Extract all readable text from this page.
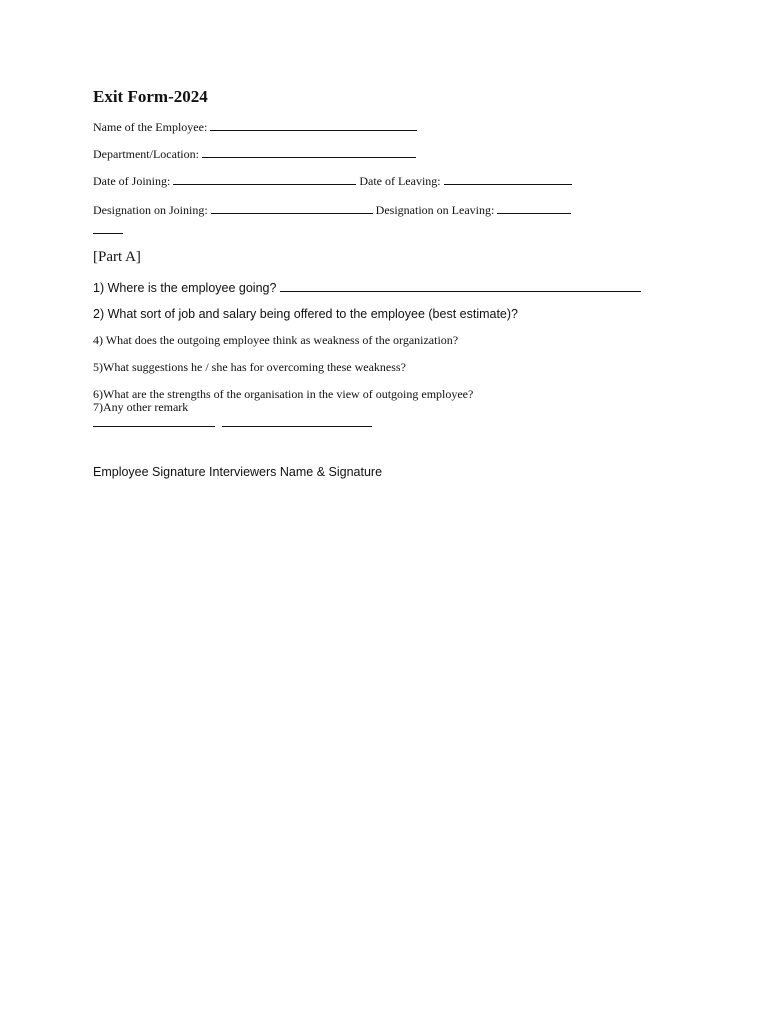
Exit Form-2024
Name of the Employee:
Department/Location:
Date of Joining:	Date of Leaving:
Designation on Joining:	Designation on Leaving:
[Part A]
1) Where is the employee going?
2) What sort of job and salary being offered to the employee (best estimate)?
4) What does the outgoing employee think as weakness of the organization?
5)What suggestions he / she has for overcoming these weakness?
6)What are the strengths of the organisation in the view of outgoing employee?
7)Any other remark

Employee Signature Interviewers Name & Signature
